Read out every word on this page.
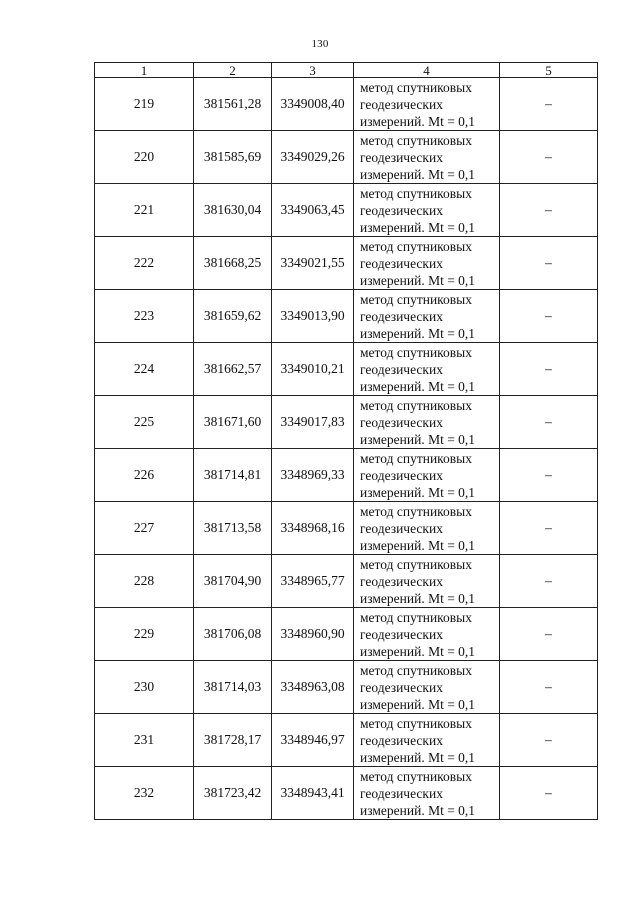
130
1	2	3	4	5
219	381561,28	3349008,40	метод спутниковых
геодезических
измерений. Mt = 0,1	–
220	381585,69	3349029,26	метод спутниковых
геодезических
измерений. Mt = 0,1	–
221	381630,04	3349063,45	метод спутниковых
геодезических
измерений. Mt = 0,1	–
222	381668,25	3349021,55	метод спутниковых
геодезических
измерений. Mt = 0,1	–
223	381659,62	3349013,90	метод спутниковых
геодезических
измерений. Mt = 0,1	–
224	381662,57	3349010,21	метод спутниковых
геодезических
измерений. Mt = 0,1	–
225	381671,60	3349017,83	метод спутниковых
геодезических
измерений. Mt = 0,1	–
226	381714,81	3348969,33	метод спутниковых
геодезических
измерений. Mt = 0,1	–
227	381713,58	3348968,16	метод спутниковых
геодезических
измерений. Mt = 0,1	–
228	381704,90	3348965,77	метод спутниковых
геодезических
измерений. Mt = 0,1	–
229	381706,08	3348960,90	метод спутниковых
геодезических
измерений. Mt = 0,1	–
230	381714,03	3348963,08	метод спутниковых
геодезических
измерений. Mt = 0,1	–
231	381728,17	3348946,97	метод спутниковых
геодезических
измерений. Mt = 0,1	–
232	381723,42	3348943,41	метод спутниковых
геодезических
измерений. Mt = 0,1	–
